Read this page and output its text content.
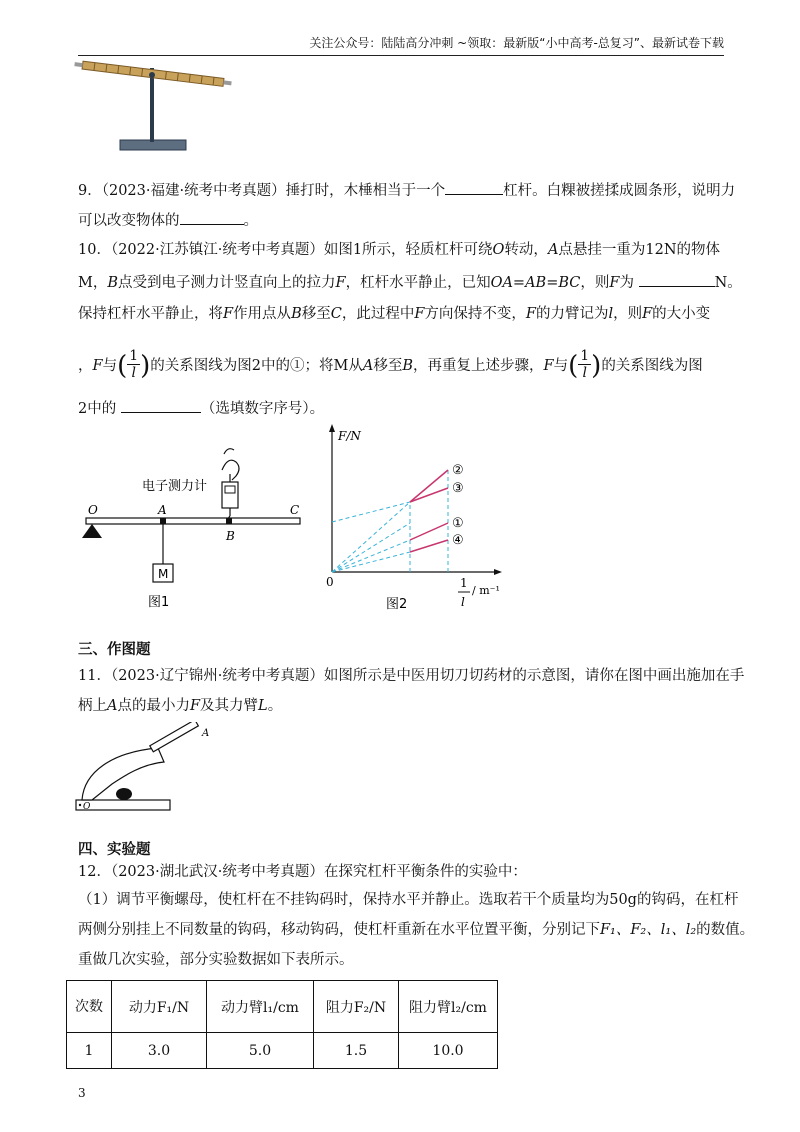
关注公众号：陆陆高分冲刺 ~领取：最新版“小中高考-总复习”、最新试卷下载
9．（2023·福建·统考中考真题）捶打时，木棰相当于一个	杠杆。白粿被搓揉成圆条形，说明力
可以改变物体的	。
10．（2022·江苏镇江·统考中考真题）如图1所示，轻质杠杆可绕O转动，A点悬挂一重为12N的物体
M，B点受到电子测力计竖直向上的拉力F，杠杆水平静止，已知OA=AB=BC，则F为	N。
保持杠杆水平静止，将F作用点从B移至C，此过程中F方向保持不变，F的力臂记为l，则F的大小变
，F与( $\frac{1}{l}$ )的关系图线为图2中的①；将M从A移至B，再重复上述步骤，F与( $\frac{1}{l}$ )的关系图线为图
2中的	（选填数字序号）。
电子测力计
O	A
B
C
M
图1
F/N
0	1
l
/ m⁻¹
②
③
①
④
图2
三、作图题
11．（2023·辽宁锦州·统考中考真题）如图所示是中医用切刀切药材的示意图，请你在图中画出施加在手
柄上A点的最小力F及其力臂L。
A
O
四、实验题
12．（2023·湖北武汉·统考中考真题）在探究杠杆平衡条件的实验中：
（1）调节平衡螺母，使杠杆在不挂钩码时，保持水平并静止。选取若干个质量均为50g的钩码，在杠杆
两侧分别挂上不同数量的钩码，移动钩码，使杠杆重新在水平位置平衡，分别记下F₁、F₂、l₁、l₂的数值。
重做几次实验，部分实验数据如下表所示。
次数	动力F₁/N	动力臂l₁/cm	阻力F₂/N	阻力臂l₂/cm
1	3.0	5.0	1.5	10.0
3
